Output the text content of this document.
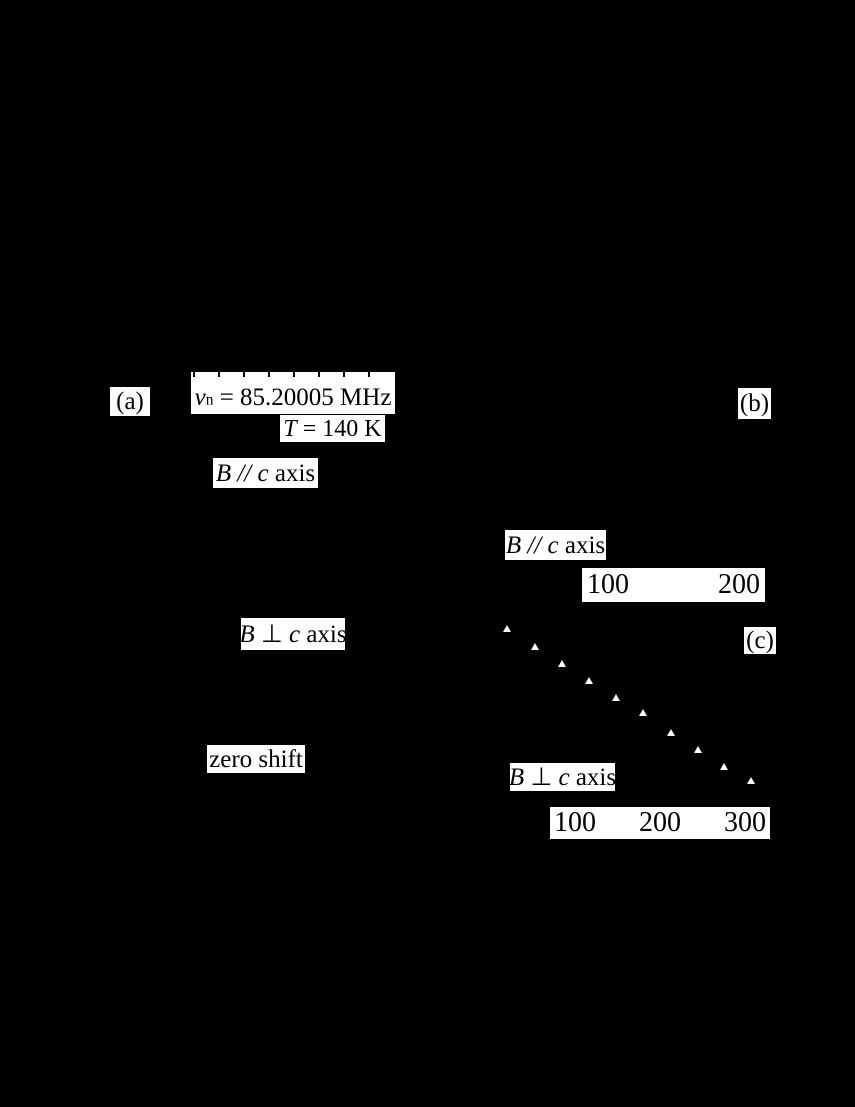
(a) ν n = 85.20005 MHz
T = 140 K
B // c axis
B ⊥ c axis
zero shift
(b)
B // c axis
100	200
(c)
B ⊥ c axis
100 200 300
